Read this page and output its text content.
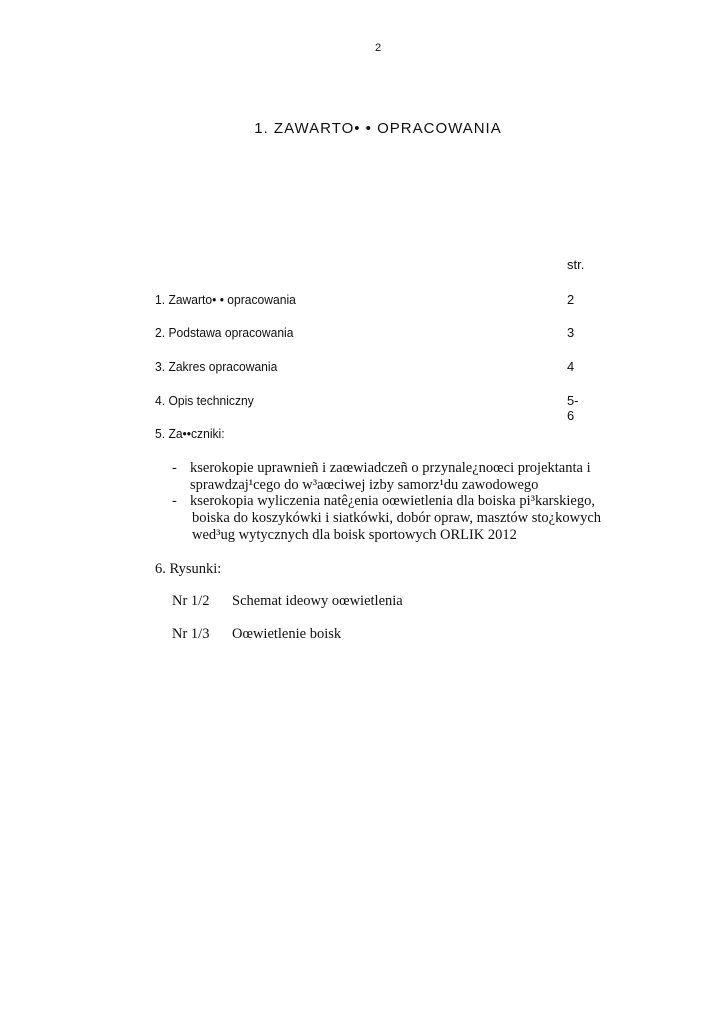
2
1. ZAWARTO• • OPRACOWANIA
str.
1. Zawarto• • opracowania	2
2. Podstawa opracowania	3
3. Zakres opracowania	4
4. Opis techniczny	5-6
5. Za••czniki:
- kserokopie uprawnieñ i zaœwiadczeñ o przynale¿noœci projektanta i
sprawdzaj¹cego do w³aœciwej izby samorz¹du zawodowego
- kserokopia wyliczenia natê¿enia oœwietlenia dla boiska pi³karskiego,
boiska do koszykówki i siatkówki, dobór opraw, masztów sto¿kowych
wed³ug wytycznych dla boisk sportowych ORLIK 2012
6. Rysunki:
Nr 1/2 Schemat ideowy oœwietlenia
Nr 1/3 Oœwietlenie boisk
